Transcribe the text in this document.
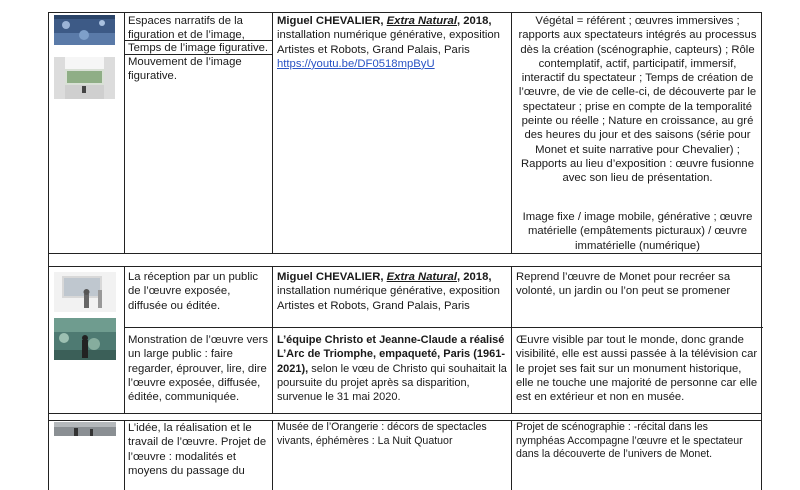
Espaces narratifs de la figuration et de l’image,
Temps de l’image figurative.
Mouvement de l’image figurative.
Miguel CHEVALIER, Extra Natural, 2018, installation numérique générative, exposition Artistes et Robots, Grand Palais, Paris
https://youtu.be/DF0518mpByU
Végétal = référent ; œuvres immersives ; rapports aux spectateurs intégrés au processus dès la création (scénographie, capteurs) ; Rôle contemplatif, actif, participatif, immersif, interactif du spectateur ; Temps de création de l’œuvre, de vie de celle-ci, de découverte par le spectateur ; prise en compte de la temporalité peinte ou réelle ; Nature en croissance, au gré des heures du jour et des saisons (série pour Monet et suite narrative pour Chevalier) ; Rapports au lieu d’exposition : œuvre fusionne avec son lieu de présentation.
Image fixe / image mobile, générative ; œuvre matérielle (empâtements picturaux) / œuvre immatérielle (numérique)
La réception par un public de l’œuvre exposée, diffusée ou éditée.
Miguel CHEVALIER, Extra Natural, 2018, installation numérique générative, exposition Artistes et Robots, Grand Palais, Paris
Reprend l’œuvre de Monet pour recréer sa volonté, un jardin ou l’on peut se promener
Monstration de l’œuvre vers un large public : faire regarder, éprouver, lire, dire l’œuvre exposée, diffusée, éditée, communiquée.
L’équipe Christo et Jeanne-Claude a réalisé L’Arc de Triomphe, empaqueté, Paris (1961-2021), selon le vœu de Christo qui souhaitait la poursuite du projet après sa disparition, survenue le 31 mai 2020.
Œuvre visible par tout le monde, donc grande visibilité, elle est aussi passée à la télévision car le projet ses fait sur un monument historique, elle ne touche une majorité de personne car elle est en extérieur et non en musée.
L’idée, la réalisation et le travail de l’œuvre. Projet de l’œuvre : modalités et moyens du passage du
Musée de l’Orangerie : décors de spectacles vivants, éphémères : La Nuit Quatuor
Projet de scénographie : -récital dans les nymphéas Accompagne l’œuvre et le spectateur dans la découverte de l’univers de Monet.
